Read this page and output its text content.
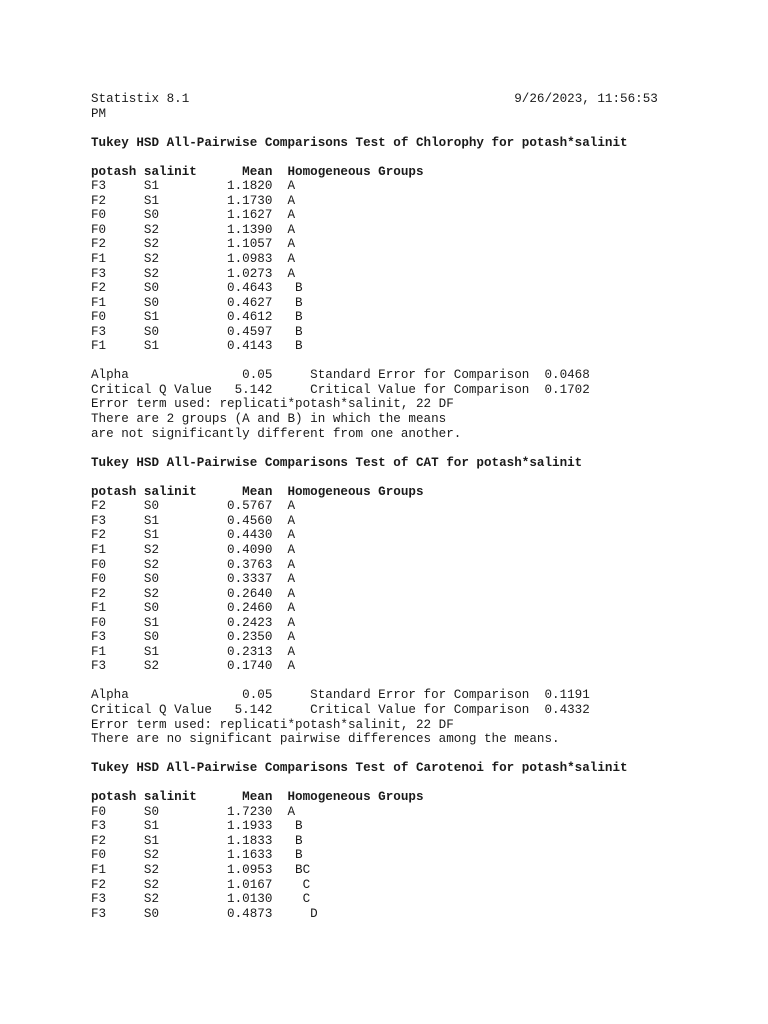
Statistix 8.1	9/26/2023, 11:56:53
PM

Tukey HSD All-Pairwise Comparisons Test of Chlorophy for potash*salinit

potash salinit      Mean  Homogeneous Groups
F3     S1         1.1820  A
F2     S1         1.1730  A
F0     S0         1.1627  A
F0     S2         1.1390  A
F2     S2         1.1057  A
F1     S2         1.0983  A
F3     S2         1.0273  A
F2     S0         0.4643   B
F1     S0         0.4627   B
F0     S1         0.4612   B
F3     S0         0.4597   B
F1     S1         0.4143   B

Alpha               0.05     Standard Error for Comparison  0.0468
Critical Q Value   5.142     Critical Value for Comparison  0.1702
Error term used: replicati*potash*salinit, 22 DF
There are 2 groups (A and B) in which the means
are not significantly different from one another.

Tukey HSD All-Pairwise Comparisons Test of CAT for potash*salinit

potash salinit      Mean  Homogeneous Groups
F2     S0         0.5767  A
F3     S1         0.4560  A
F2     S1         0.4430  A
F1     S2         0.4090  A
F0     S2         0.3763  A
F0     S0         0.3337  A
F2     S2         0.2640  A
F1     S0         0.2460  A
F0     S1         0.2423  A
F3     S0         0.2350  A
F1     S1         0.2313  A
F3     S2         0.1740  A

Alpha               0.05     Standard Error for Comparison  0.1191
Critical Q Value   5.142     Critical Value for Comparison  0.4332
Error term used: replicati*potash*salinit, 22 DF
There are no significant pairwise differences among the means.

Tukey HSD All-Pairwise Comparisons Test of Carotenoi for potash*salinit

potash salinit      Mean  Homogeneous Groups
F0     S0         1.7230  A
F3     S1         1.1933   B
F2     S1         1.1833   B
F0     S2         1.1633   B
F1     S2         1.0953   BC
F2     S2         1.0167    C
F3     S2         1.0130    C
F3     S0         0.4873     D
